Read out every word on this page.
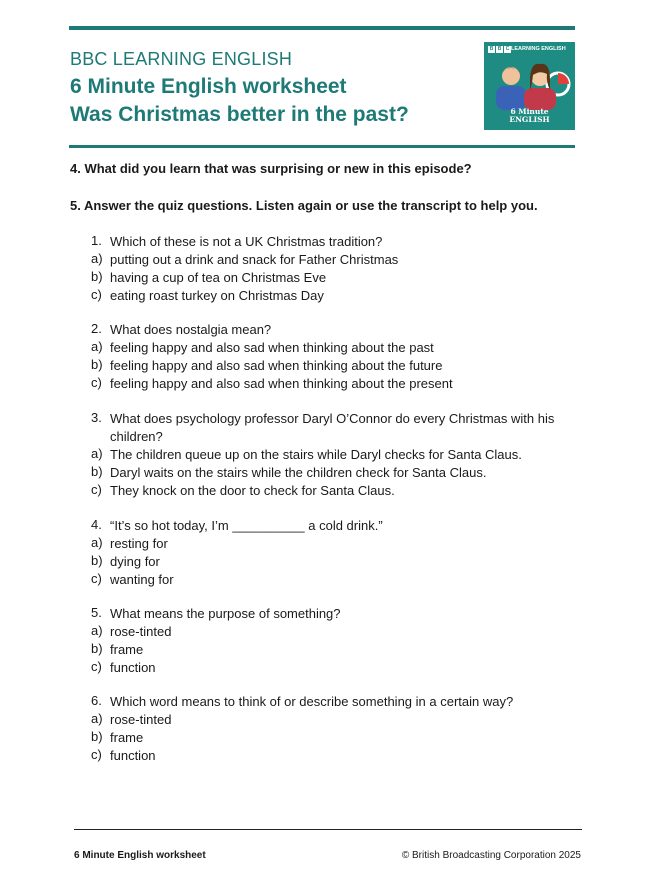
BBC LEARNING ENGLISH
6 Minute English worksheet
Was Christmas better in the past?
B B C LEARNING ENGLISH
6 Minute
ENGLISH
4. What did you learn that was surprising or new in this episode?
5. Answer the quiz questions. Listen again or use the transcript to help you.
1. Which of these is not a UK Christmas tradition?
a) putting out a drink and snack for Father Christmas
b) having a cup of tea on Christmas Eve
c) eating roast turkey on Christmas Day
2. What does nostalgia mean?
a) feeling happy and also sad when thinking about the past
b) feeling happy and also sad when thinking about the future
c) feeling happy and also sad when thinking about the present
3. What does psychology professor Daryl O’Connor do every Christmas with his children?
a) The children queue up on the stairs while Daryl checks for Santa Claus.
b) Daryl waits on the stairs while the children check for Santa Claus.
c) They knock on the door to check for Santa Claus.
4. “It’s so hot today, I’m __________ a cold drink.”
a) resting for
b) dying for
c) wanting for
5. What means the purpose of something?
a) rose-tinted
b) frame
c) function
6. Which word means to think of or describe something in a certain way?
a) rose-tinted
b) frame
c) function
6 Minute English worksheet	© British Broadcasting Corporation 2025
